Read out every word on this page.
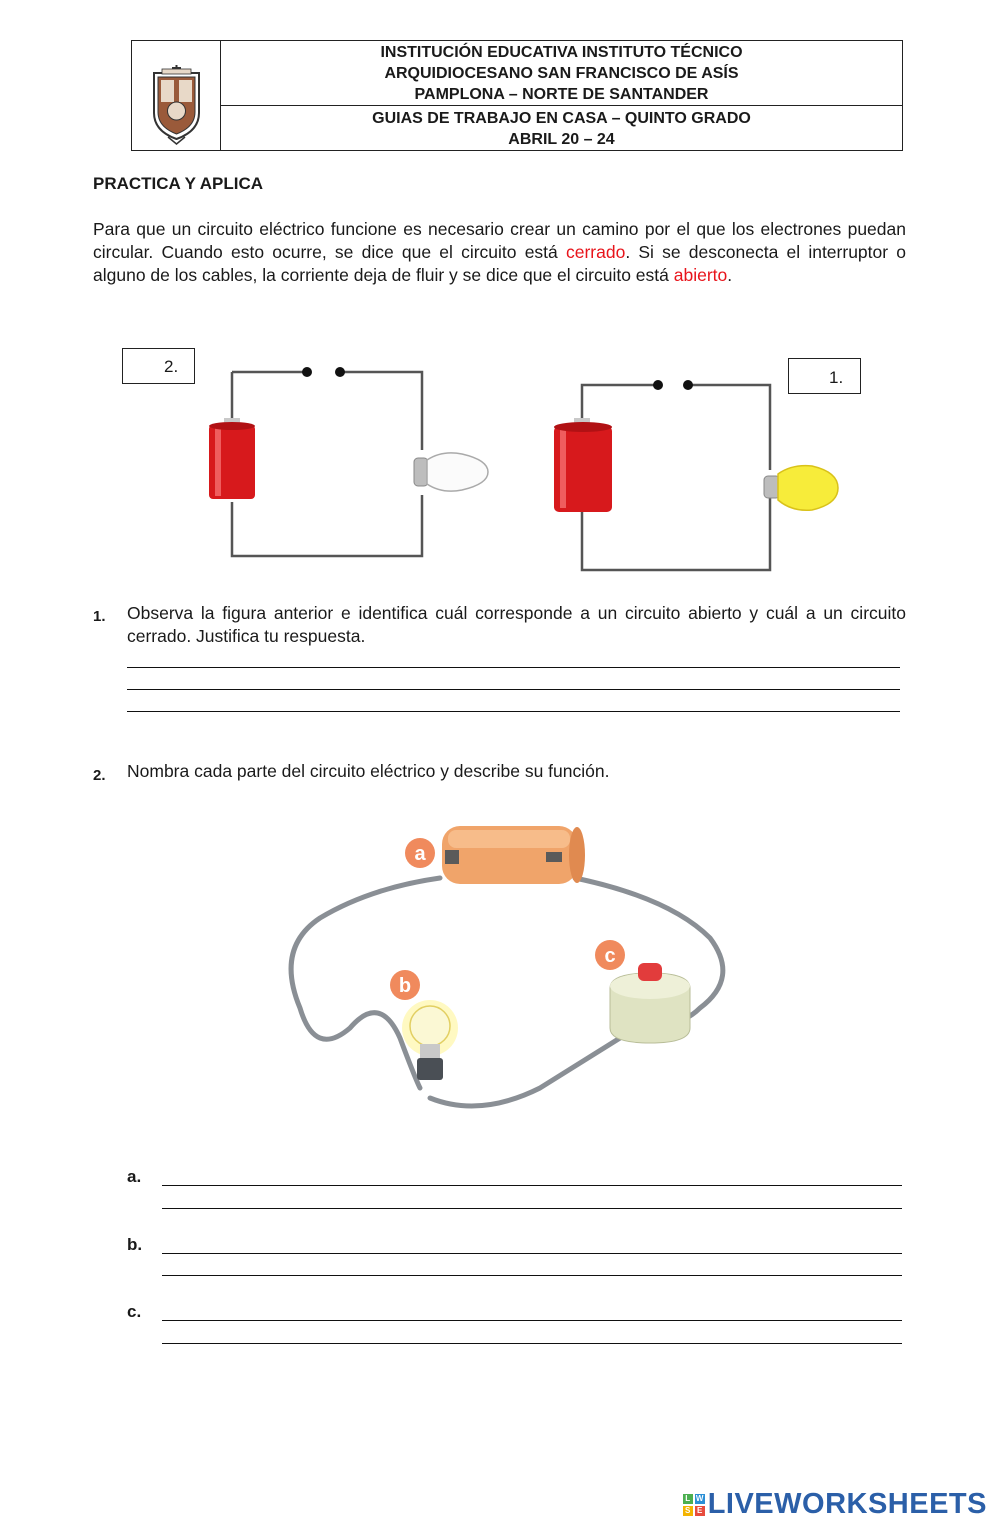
INSTITUCIÓN EDUCATIVA INSTITUTO TÉCNICO
ARQUIDIOCESANO SAN FRANCISCO DE ASÍS
PAMPLONA – NORTE DE SANTANDER
GUIAS DE TRABAJO EN CASA – QUINTO GRADO
ABRIL 20 – 24
PRACTICA Y APLICA
Para que un circuito eléctrico funcione es necesario crear un camino por el que los electrones puedan circular. Cuando esto ocurre, se dice que el circuito está cerrado. Si se desconecta el interruptor o alguno de los cables, la corriente deja de fluir y se dice que el circuito está abierto.
2.
1.
1. Observa la figura anterior e identifica cuál corresponde a un circuito abierto y cuál a un circuito cerrado. Justifica tu respuesta.
2. Nombra cada parte del circuito eléctrico y describe su función.
a
c
b
a.
b.
c.
L W
S E LIVEWORKSHEETS
